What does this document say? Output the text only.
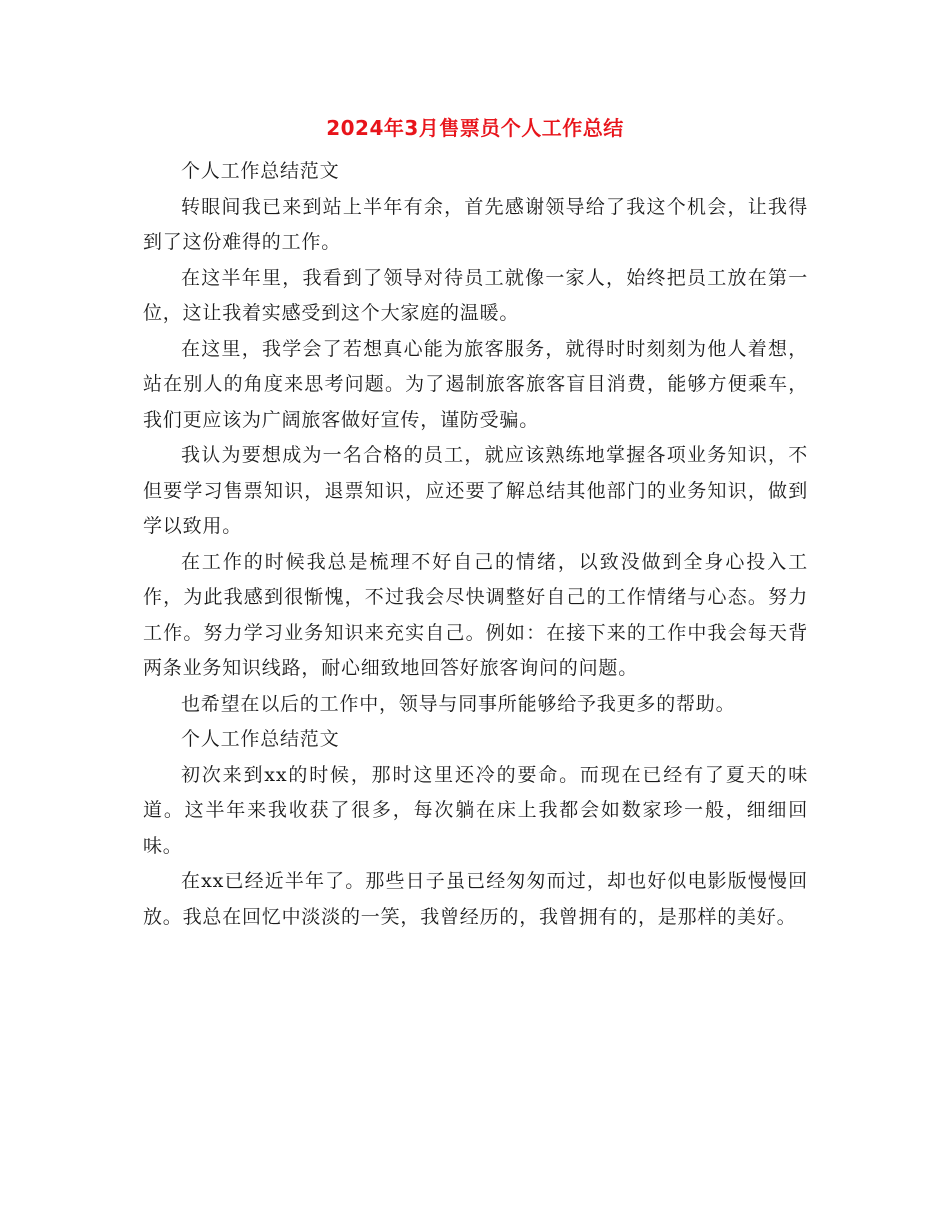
2024年3月售票员个人工作总结

个人工作总结范文

转眼间我已来到站上半年有余，首先感谢领导给了我这个机会，让我得到了这份难得的工作。

在这半年里，我看到了领导对待员工就像一家人，始终把员工放在第一位，这让我着实感受到这个大家庭的温暖。

在这里，我学会了若想真心能为旅客服务，就得时时刻刻为他人着想，站在别人的角度来思考问题。为了遏制旅客旅客盲目消费，能够方便乘车，我们更应该为广阔旅客做好宣传，谨防受骗。

我认为要想成为一名合格的员工，就应该熟练地掌握各项业务知识，不但要学习售票知识，退票知识，应还要了解总结其他部门的业务知识，做到学以致用。

在工作的时候我总是梳理不好自己的情绪，以致没做到全身心投入工作，为此我感到很惭愧，不过我会尽快调整好自己的工作情绪与心态。努力工作。努力学习业务知识来充实自己。例如：在接下来的工作中我会每天背两条业务知识线路，耐心细致地回答好旅客询问的问题。

也希望在以后的工作中，领导与同事所能够给予我更多的帮助。

个人工作总结范文

初次来到xx的时候，那时这里还冷的要命。而现在已经有了夏天的味道。这半年来我收获了很多，每次躺在床上我都会如数家珍一般，细细回味。

在xx已经近半年了。那些日子虽已经匆匆而过，却也好似电影版慢慢回放。我总在回忆中淡淡的一笑，我曾经历的，我曾拥有的，是那样的美好。
